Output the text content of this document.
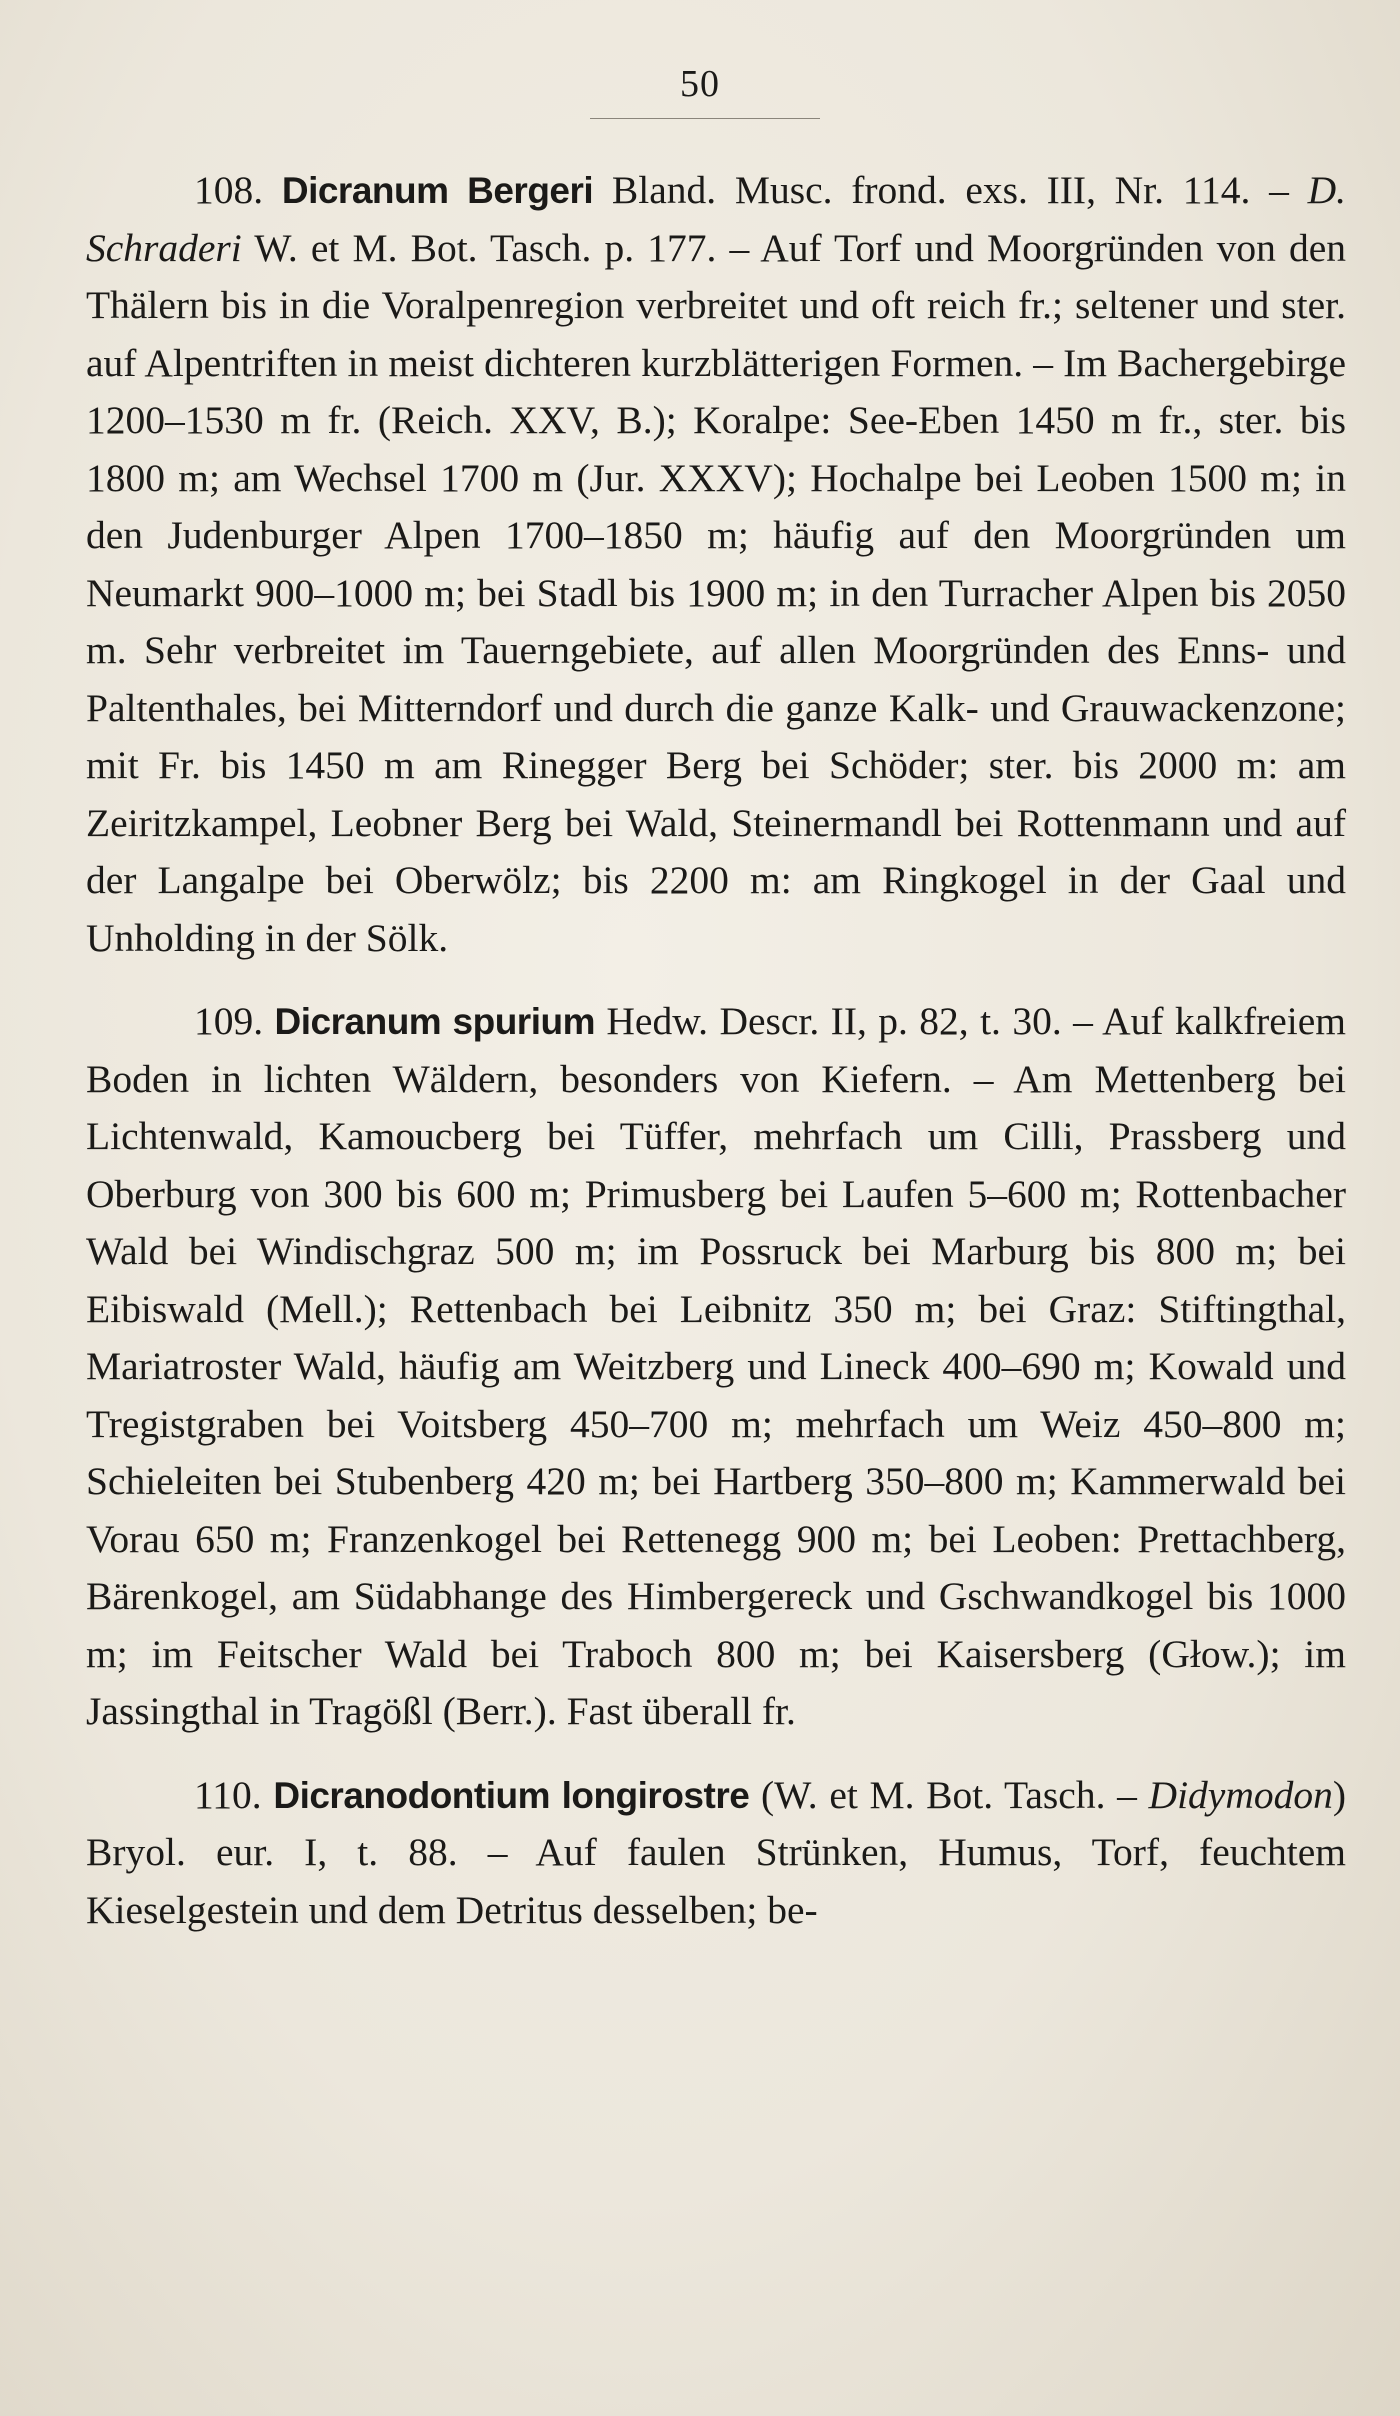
50

108. Dicranum Bergeri Bland. Musc. frond. exs. III, Nr. 114. – D. Schraderi W. et M. Bot. Tasch. p. 177. – Auf Torf und Moorgründen von den Thälern bis in die Voralpenregion verbreitet und oft reich fr.; seltener und ster. auf Alpentriften in meist dichteren kurzblätterigen Formen. – Im Bachergebirge 1200–1530 m fr. (Reich. XXV, B.); Koralpe: See-Eben 1450 m fr., ster. bis 1800 m; am Wechsel 1700 m (Jur. XXXV); Hochalpe bei Leoben 1500 m; in den Judenburger Alpen 1700–1850 m; häufig auf den Moorgründen um Neumarkt 900–1000 m; bei Stadl bis 1900 m; in den Turracher Alpen bis 2050 m. Sehr verbreitet im Tauerngebiete, auf allen Moorgründen des Enns- und Paltenthales, bei Mitterndorf und durch die ganze Kalk- und Grauwackenzone; mit Fr. bis 1450 m am Rinegger Berg bei Schöder; ster. bis 2000 m: am Zeiritzkampel, Leobner Berg bei Wald, Steinermandl bei Rottenmann und auf der Langalpe bei Oberwölz; bis 2200 m: am Ringkogel in der Gaal und Unholding in der Sölk.

109. Dicranum spurium Hedw. Descr. II, p. 82, t. 30. – Auf kalkfreiem Boden in lichten Wäldern, besonders von Kiefern. – Am Mettenberg bei Lichtenwald, Kamoucberg bei Tüffer, mehrfach um Cilli, Prassberg und Oberburg von 300 bis 600 m; Primusberg bei Laufen 5–600 m; Rottenbacher Wald bei Windischgraz 500 m; im Possruck bei Marburg bis 800 m; bei Eibiswald (Mell.); Rettenbach bei Leibnitz 350 m; bei Graz: Stiftingthal, Mariatroster Wald, häufig am Weitzberg und Lineck 400–690 m; Kowald und Tregistgraben bei Voitsberg 450–700 m; mehrfach um Weiz 450–800 m; Schieleiten bei Stubenberg 420 m; bei Hartberg 350–800 m; Kammerwald bei Vorau 650 m; Franzenkogel bei Rettenegg 900 m; bei Leoben: Prettachberg, Bärenkogel, am Südabhange des Himbergereck und Gschwandkogel bis 1000 m; im Feitscher Wald bei Traboch 800 m; bei Kaisersberg (Głow.); im Jassingthal in Tragößl (Berr.). Fast überall fr.

110. Dicranodontium longirostre (W. et M. Bot. Tasch. – Didymodon) Bryol. eur. I, t. 88. – Auf faulen Strünken, Humus, Torf, feuchtem Kieselgestein und dem Detritus desselben; be-
